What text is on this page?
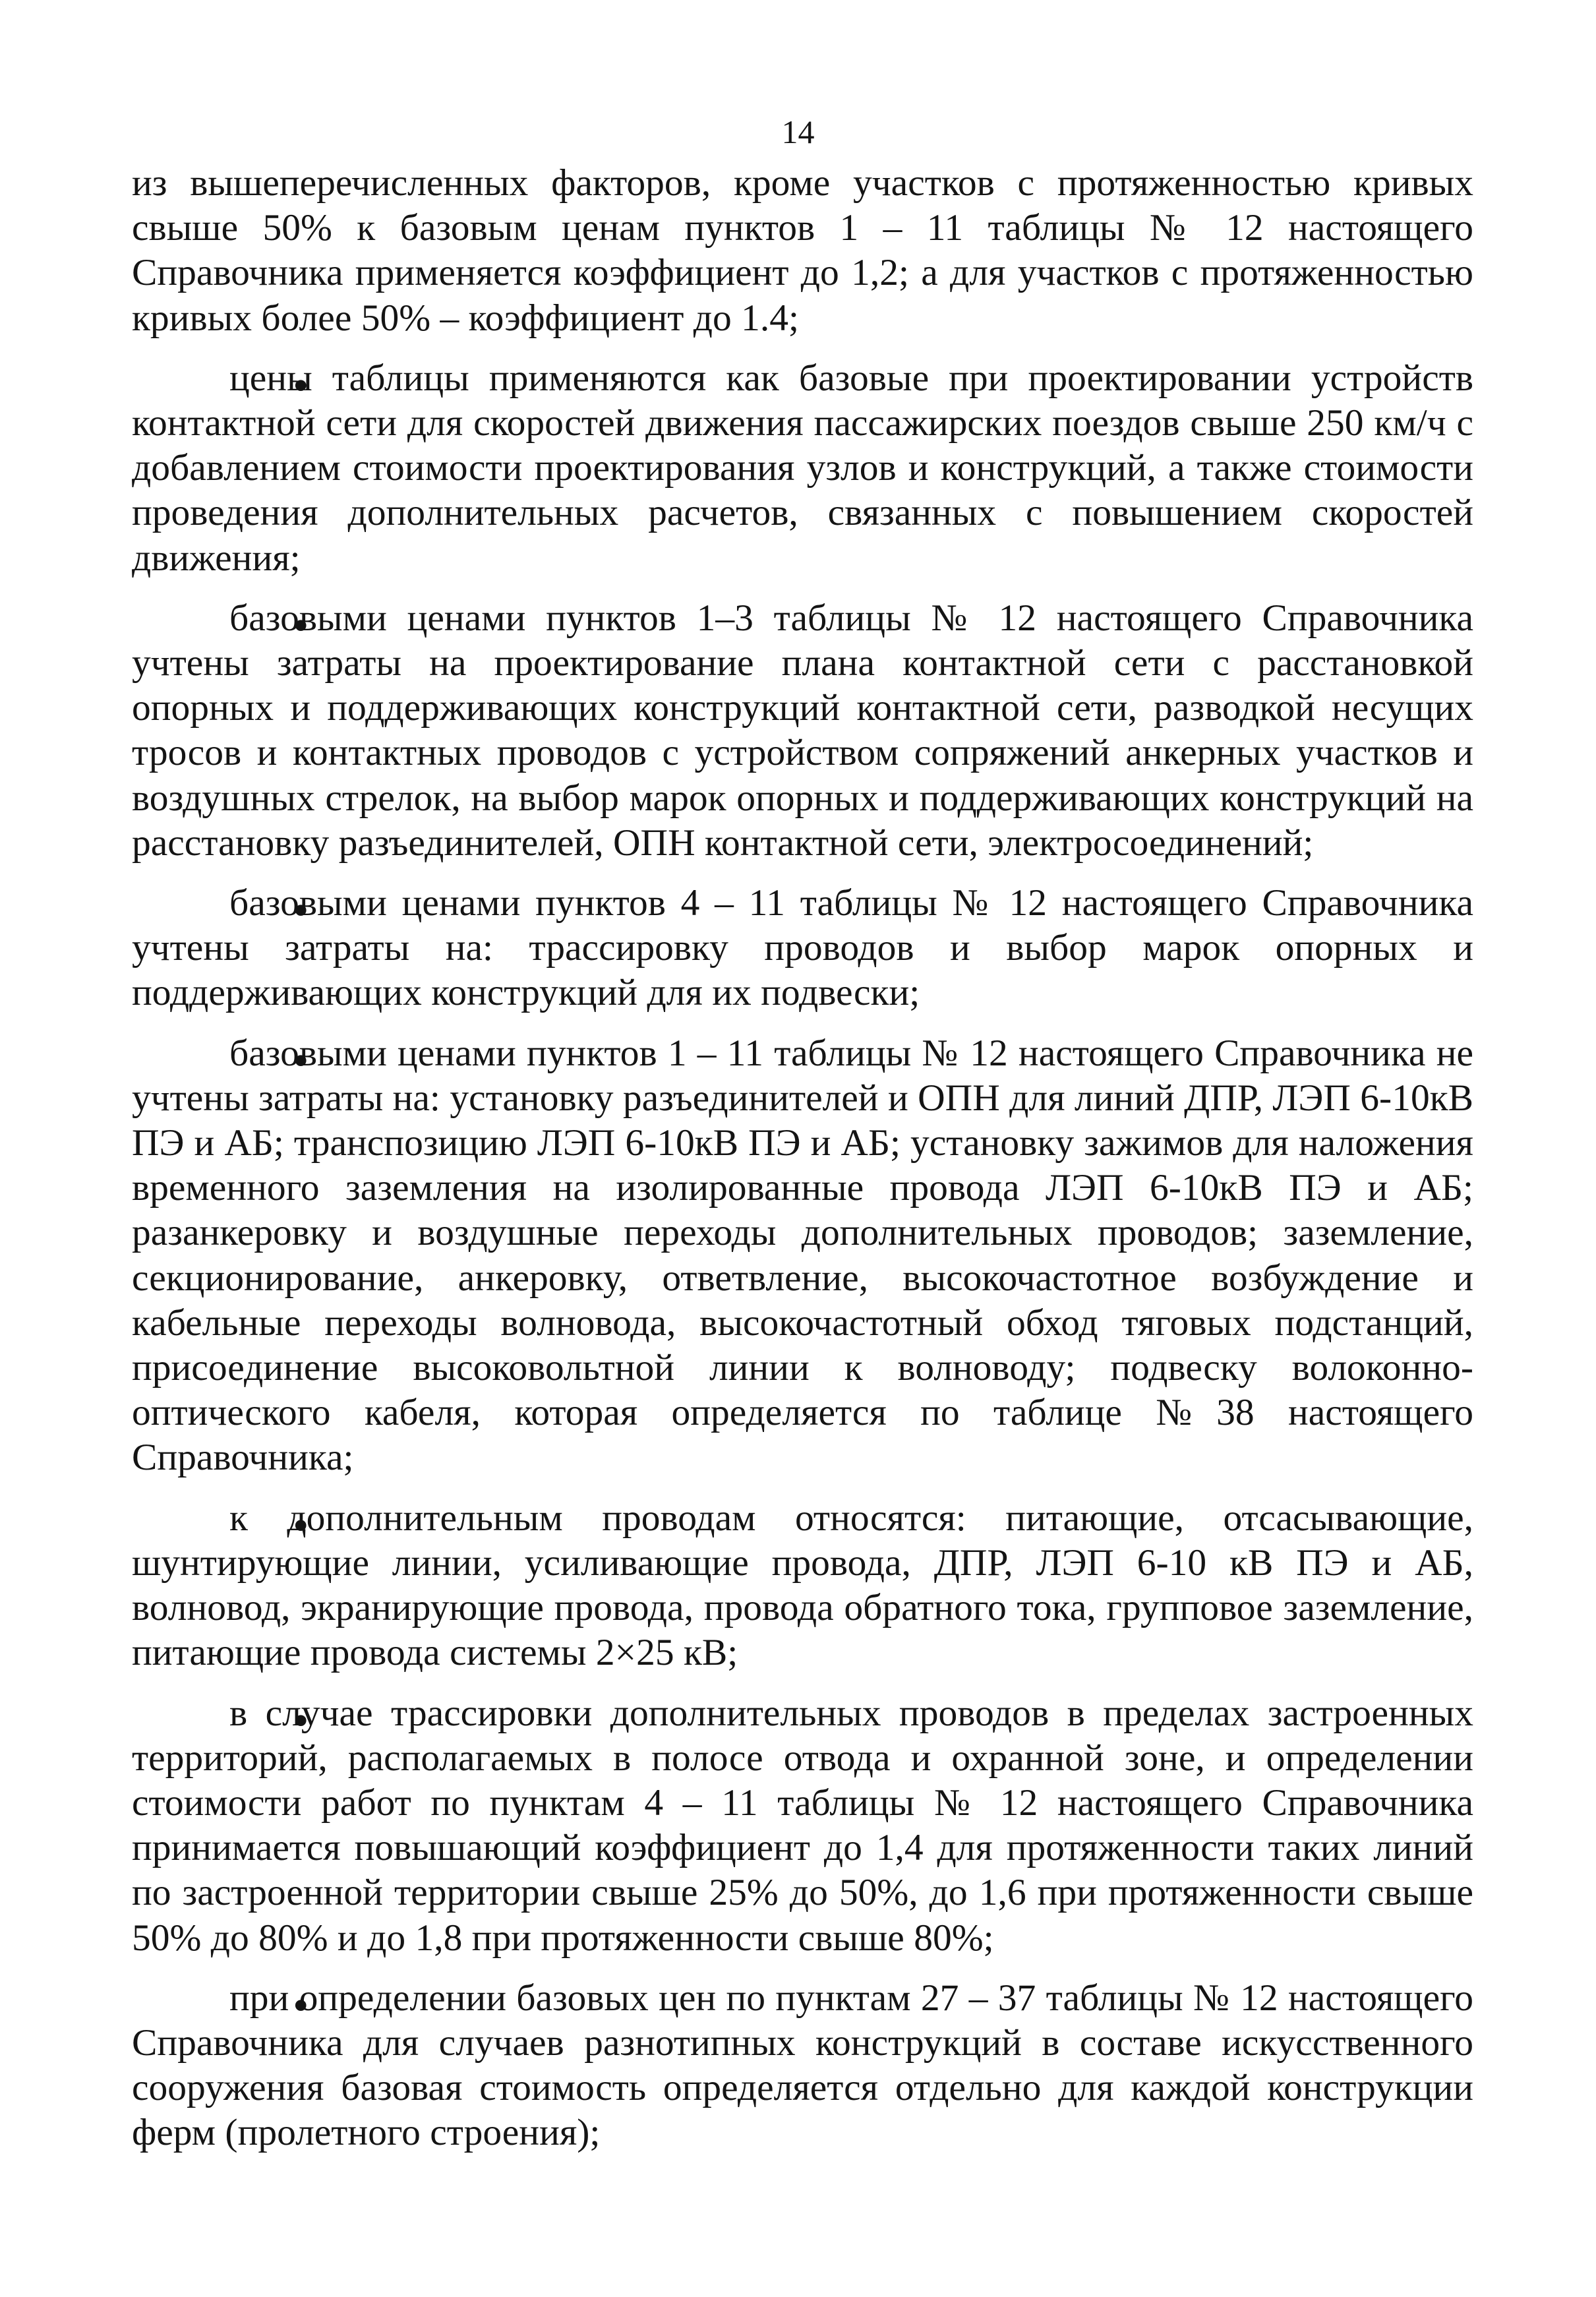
14

из вышеперечисленных факторов, кроме участков с протяженностью кривых свыше 50% к базовым ценам пунктов 1 – 11 таблицы № 12 настоящего Справочника применяется коэффициент до 1,2; а для участков с протяженностью кривых более 50% – коэффициент до 1.4;

цены таблицы применяются как базовые при проектировании устройств контактной сети для скоростей движения пассажирских поездов свыше 250 км/ч с добавлением стоимости проектирования узлов и конструкций, а также стоимости проведения дополнительных расчетов, связанных с повышением скоростей движения;

базовыми ценами пунктов 1–3 таблицы № 12 настоящего Справочника учтены затраты на проектирование плана контактной сети с расстановкой опорных и поддерживающих конструкций контактной сети, разводкой несущих тросов и контактных проводов с устройством сопряжений анкерных участков и воздушных стрелок, на выбор марок опорных и поддерживающих конструкций на расстановку разъединителей, ОПН контактной сети, электросоединений;

базовыми ценами пунктов 4 – 11 таблицы № 12 настоящего Справочника учтены затраты на: трассировку проводов и выбор марок опорных и поддерживающих конструкций для их подвески;

базовыми ценами пунктов 1 – 11 таблицы № 12 настоящего Справочника не учтены затраты на: установку разъединителей и ОПН для линий ДПР, ЛЭП 6-10кВ ПЭ и АБ; транспозицию ЛЭП 6-10кВ ПЭ и АБ; установку зажимов для наложения временного заземления на изолированные провода ЛЭП 6-10кВ ПЭ и АБ; разанкеровку и воздушные переходы дополнительных проводов; заземление, секционирование, анкеровку, ответвление, высокочастотное возбуждение и кабельные переходы волновода, высокочастотный обход тяговых подстанций, присоединение высоковольтной линии к волноводу; подвеску волоконно-оптического кабеля, которая определяется по таблице №38 настоящего Справочника;

к дополнительным проводам относятся: питающие, отсасывающие, шунтирующие линии, усиливающие провода, ДПР, ЛЭП 6-10 кВ ПЭ и АБ, волновод, экранирующие провода, провода обратного тока, групповое заземление, питающие провода системы 2×25 кВ;

в случае трассировки дополнительных проводов в пределах застроенных территорий, располагаемых в полосе отвода и охранной зоне, и определении стоимости работ по пунктам 4 – 11 таблицы № 12 настоящего Справочника принимается повышающий коэффициент до 1,4 для протяженности таких линий по застроенной территории свыше 25% до 50%, до 1,6 при протяженности свыше 50% до 80% и до 1,8 при протяженности свыше 80%;

при определении базовых цен по пунктам 27 – 37 таблицы № 12 настоящего Справочника для случаев разнотипных конструкций в составе искусственного сооружения базовая стоимость определяется отдельно для каждой конструкции ферм (пролетного строения);
